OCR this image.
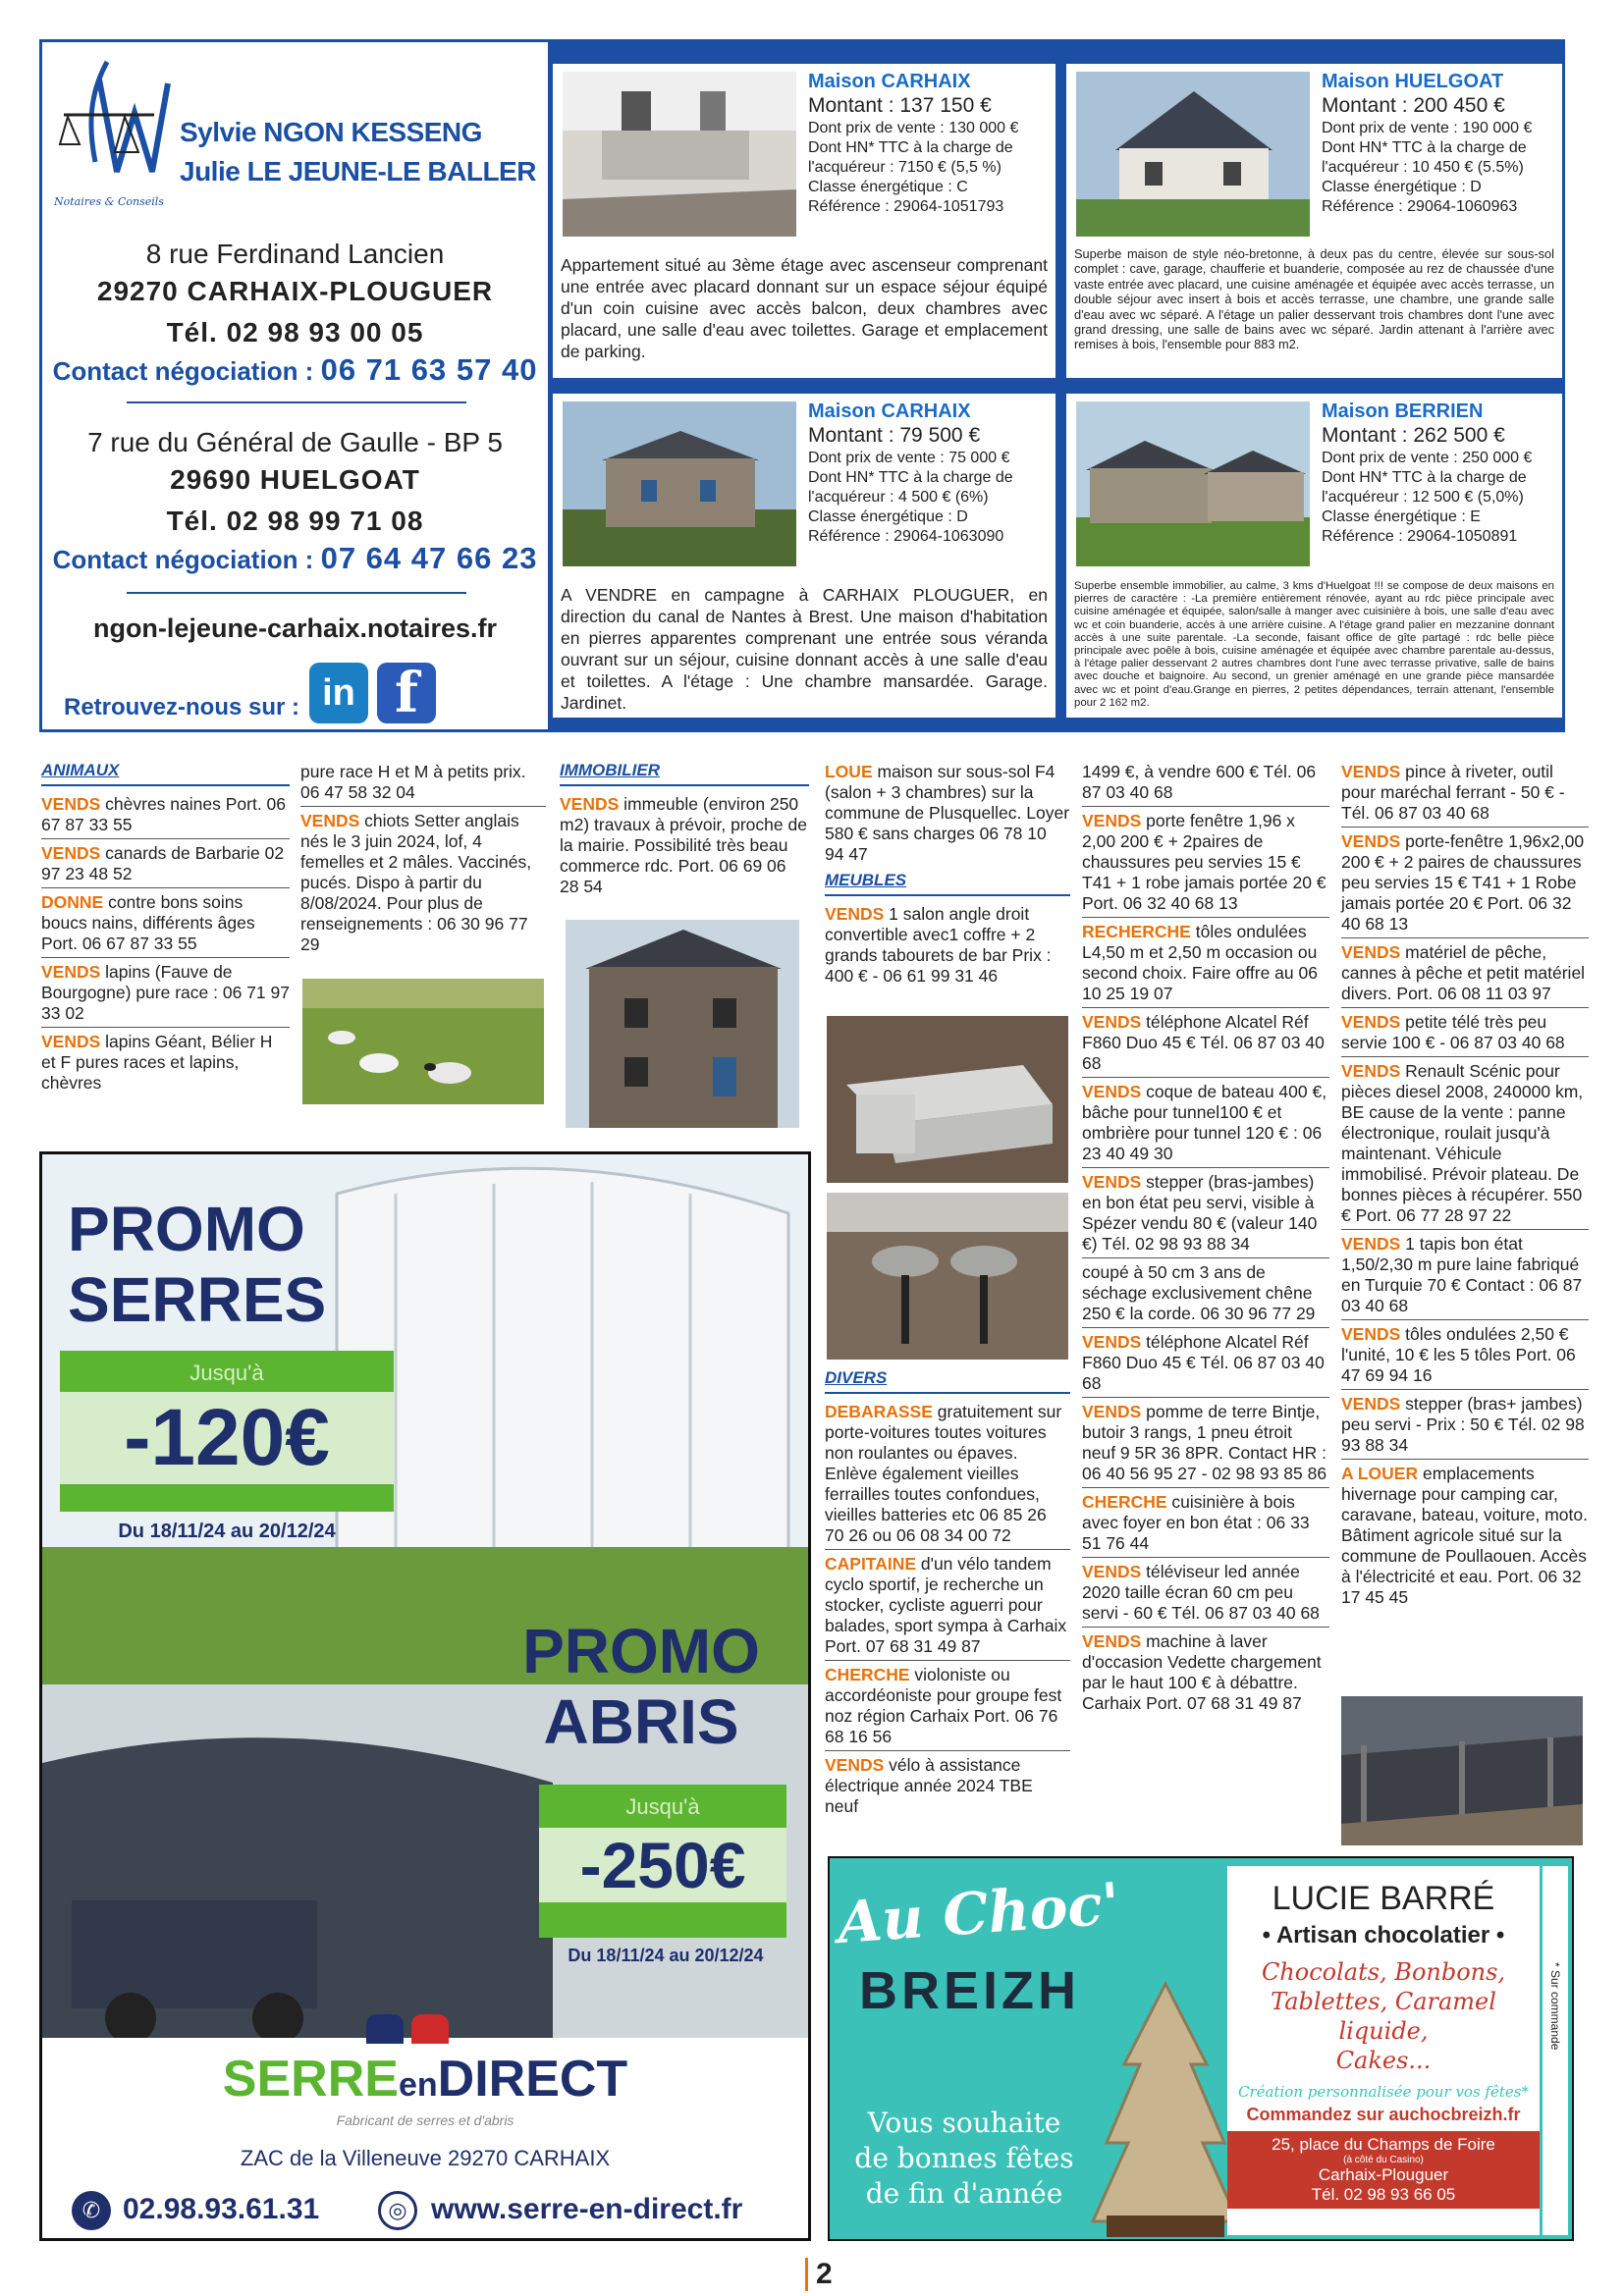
Notaires & Conseils
Sylvie NGON KESSENG
Julie LE JEUNE-LE BALLER
8 rue Ferdinand Lancien
29270 CARHAIX-PLOUGUER
Tél. 02 98 93 00 05
Contact négociation : 06 71 63 57 40
7 rue du Général de Gaulle - BP 5
29690 HUELGOAT
Tél. 02 98 99 71 08
Contact négociation : 07 64 47 66 23
ngon-lejeune-carhaix.notaires.fr
Retrouvez-nous sur : in f
Maison CARHAIX
Montant : 137 150 €
Dont prix de vente : 130 000 €
Dont HN* TTC à la charge de
l'acquéreur : 7150 € (5,5 %)
Classe énergétique : C
Référence : 29064-1051793
Appartement situé au 3ème étage avec ascenseur comprenant une entrée avec placard donnant sur un espace séjour équipé d'un coin cuisine avec accès balcon, deux chambres avec placard, une salle d'eau avec toilettes. Garage et emplacement de parking.
Maison HUELGOAT
Montant : 200 450 €
Dont prix de vente : 190 000 €
Dont HN* TTC à la charge de
l'acquéreur : 10 450 € (5.5%)
Classe énergétique : D
Référence : 29064-1060963
Superbe maison de style néo-bretonne, à deux pas du centre, élevée sur sous-sol complet : cave, garage, chaufferie et buanderie, composée au rez de chaussée d'une vaste entrée avec placard, une cuisine aménagée et équipée avec accès terrasse, un double séjour avec insert à bois et accès terrasse, une chambre, une grande salle d'eau avec wc séparé. A l'étage un palier desservant trois chambres dont l'une avec grand dressing, une salle de bains avec wc séparé. Jardin attenant à l'arrière avec remises à bois, l'ensemble pour 883 m2.
Maison CARHAIX
Montant : 79 500 €
Dont prix de vente : 75 000 €
Dont HN* TTC à la charge de
l'acquéreur : 4 500 € (6%)
Classe énergétique : D
Référence : 29064-1063090
A VENDRE en campagne à CARHAIX PLOUGUER, en direction du canal de Nantes à Brest. Une maison d'habitation en pierres apparentes comprenant une entrée sous véranda ouvrant sur un séjour, cuisine donnant accès à une salle d'eau et toilettes. A l'étage : Une chambre mansardée. Garage. Jardinet.
Maison BERRIEN
Montant : 262 500 €
Dont prix de vente : 250 000 €
Dont HN* TTC à la charge de
l'acquéreur : 12 500 € (5,0%)
Classe énergétique : E
Référence : 29064-1050891
Superbe ensemble immobilier, au calme, 3 kms d'Huelgoat !!! se compose de deux maisons en pierres de caractère : -La première entièrement rénovée, ayant au rdc pièce principale avec cuisine aménagée et équipée, salon/salle à manger avec cuisinière à bois, une salle d'eau avec wc et coin buanderie, accès à une arrière cuisine. A l'étage grand palier en mezzanine donnant accès à une suite parentale. -La seconde, faisant office de gîte partagé : rdc belle pièce principale avec poêle à bois, cuisine aménagée et équipée avec chambre parentale au-dessus, à l'étage palier desservant 2 autres chambres dont l'une avec terrasse privative, salle de bains avec douche et baignoire. Au second, un grenier aménagé en une grande pièce mansardée avec wc et point d'eau.Grange en pierres, 2 petites dépendances, terrain attenant, l'ensemble pour 2 162 m2.
ANIMAUX
VENDS chèvres naines Port. 06 67 87 33 55
VENDS canards de Barbarie 02 97 23 48 52
DONNE contre bons soins boucs nains, différents âges Port. 06 67 87 33 55
VENDS lapins (Fauve de Bourgogne) pure race : 06 71 97 33 02
VENDS lapins Géant, Bélier H et F pures races et lapins, chèvres
pure race H et M à petits prix. 06 47 58 32 04
VENDS chiots Setter anglais nés le 3 juin 2024, lof, 4 femelles et 2 mâles. Vaccinés, pucés. Dispo à partir du 8/08/2024. Pour plus de renseignements : 06 30 96 77 29
IMMOBILIER
VENDS immeuble (environ 250 m2) travaux à prévoir, proche de la mairie. Possibilité très beau commerce rdc. Port. 06 69 06 28 54
LOUE maison sur sous-sol F4 (salon + 3 chambres) sur la commune de Plusquellec. Loyer 580 € sans charges 06 78 10 94 47
MEUBLES
VENDS 1 salon angle droit convertible avec1 coffre + 2 grands tabourets de bar Prix : 400 € - 06 61 99 31 46
DIVERS
DEBARASSE gratuitement sur porte-voitures toutes voitures non roulantes ou épaves. Enlève également vieilles ferrailles toutes confondues, vieilles batteries etc 06 85 26 70 26 ou 06 08 34 00 72
CAPITAINE d'un vélo tandem cyclo sportif, je recherche un stocker, cycliste aguerri pour balades, sport sympa à Carhaix Port. 07 68 31 49 87
CHERCHE violoniste ou accordéoniste pour groupe fest noz région Carhaix Port. 06 76 68 16 56
VENDS vélo à assistance électrique année 2024 TBE neuf
1499 €, à vendre 600 € Tél. 06 87 03 40 68
VENDS porte fenêtre 1,96 x 2,00 200 € + 2paires de chaussures peu servies 15 € T41 + 1 robe jamais portée 20 € Port. 06 32 40 68 13
RECHERCHE tôles ondulées L4,50 m et 2,50 m occasion ou second choix. Faire offre au 06 10 25 19 07
VENDS téléphone Alcatel Réf F860 Duo 45 € Tél. 06 87 03 40 68
VENDS coque de bateau 400 €, bâche pour tunnel100 € et ombrière pour tunnel 120 € : 06 23 40 49 30
VENDS stepper (bras-jambes) en bon état peu servi, visible à Spézer vendu 80 € (valeur 140 €) Tél. 02 98 93 88 34
coupé à 50 cm 3 ans de séchage exclusivement chêne 250 € la corde. 06 30 96 77 29
VENDS téléphone Alcatel Réf F860 Duo 45 € Tél. 06 87 03 40 68
VENDS pomme de terre Bintje, butoir 3 rangs, 1 pneu étroit neuf 9 5R 36 8PR. Contact HR : 06 40 56 95 27 - 02 98 93 85 86
CHERCHE cuisinière à bois avec foyer en bon état : 06 33 51 76 44
VENDS téléviseur led année 2020 taille écran 60 cm peu servi - 60 € Tél. 06 87 03 40 68
VENDS machine à laver d'occasion Vedette chargement par le haut 100 € à débattre. Carhaix Port. 07 68 31 49 87
VENDS pince à riveter, outil pour maréchal ferrant - 50 € - Tél. 06 87 03 40 68
VENDS porte-fenêtre 1,96x2,00 200 € + 2 paires de chaussures peu servies 15 € T41 + 1 Robe jamais portée 20 € Port. 06 32 40 68 13
VENDS matériel de pêche, cannes à pêche et petit matériel divers. Port. 06 08 11 03 97
VENDS petite télé très peu servie 100 € - 06 87 03 40 68
VENDS Renault Scénic pour pièces diesel 2008, 240000 km, BE cause de la vente : panne électronique, roulait jusqu'à maintenant. Véhicule immobilisé. Prévoir plateau. De bonnes pièces à récupérer. 550 € Port. 06 77 28 97 22
VENDS 1 tapis bon état 1,50/2,30 m pure laine fabriqué en Turquie 70 € Contact : 06 87 03 40 68
VENDS tôles ondulées 2,50 € l'unité, 10 € les 5 tôles Port. 06 47 69 94 16
VENDS stepper (bras+ jambes) peu servi - Prix : 50 € Tél. 02 98 93 88 34
A LOUER emplacements hivernage pour camping car, caravane, bateau, voiture, moto. Bâtiment agricole situé sur la commune de Poullaouen. Accès à l'électricité et eau. Port. 06 32 17 45 45
PROMO
SERRES
Jusqu'à
-120€
Du 18/11/24 au 20/12/24
PROMO
ABRIS
Jusqu'à
-250€
Du 18/11/24 au 20/12/24
SERREenDIRECT
Fabricant de serres et d'abris
ZAC de la Villeneuve 29270 CARHAIX
✆ 02.98.93.61.31	◎ www.serre-en-direct.fr
Au Choc'
BREIZH
Vous souhaite
de bonnes fêtes
de fin d'année
LUCIE BARRÉ
• Artisan chocolatier •
Chocolats, Bonbons,
Tablettes, Caramel liquide,
Cakes...
Création personnalisée pour vos fêtes*
Commandez sur auchocbreizh.fr
25, place du Champs de Foire
(à côté du Casino)
Carhaix-Plouguer
Tél. 02 98 93 66 05
* Sur commande
2
